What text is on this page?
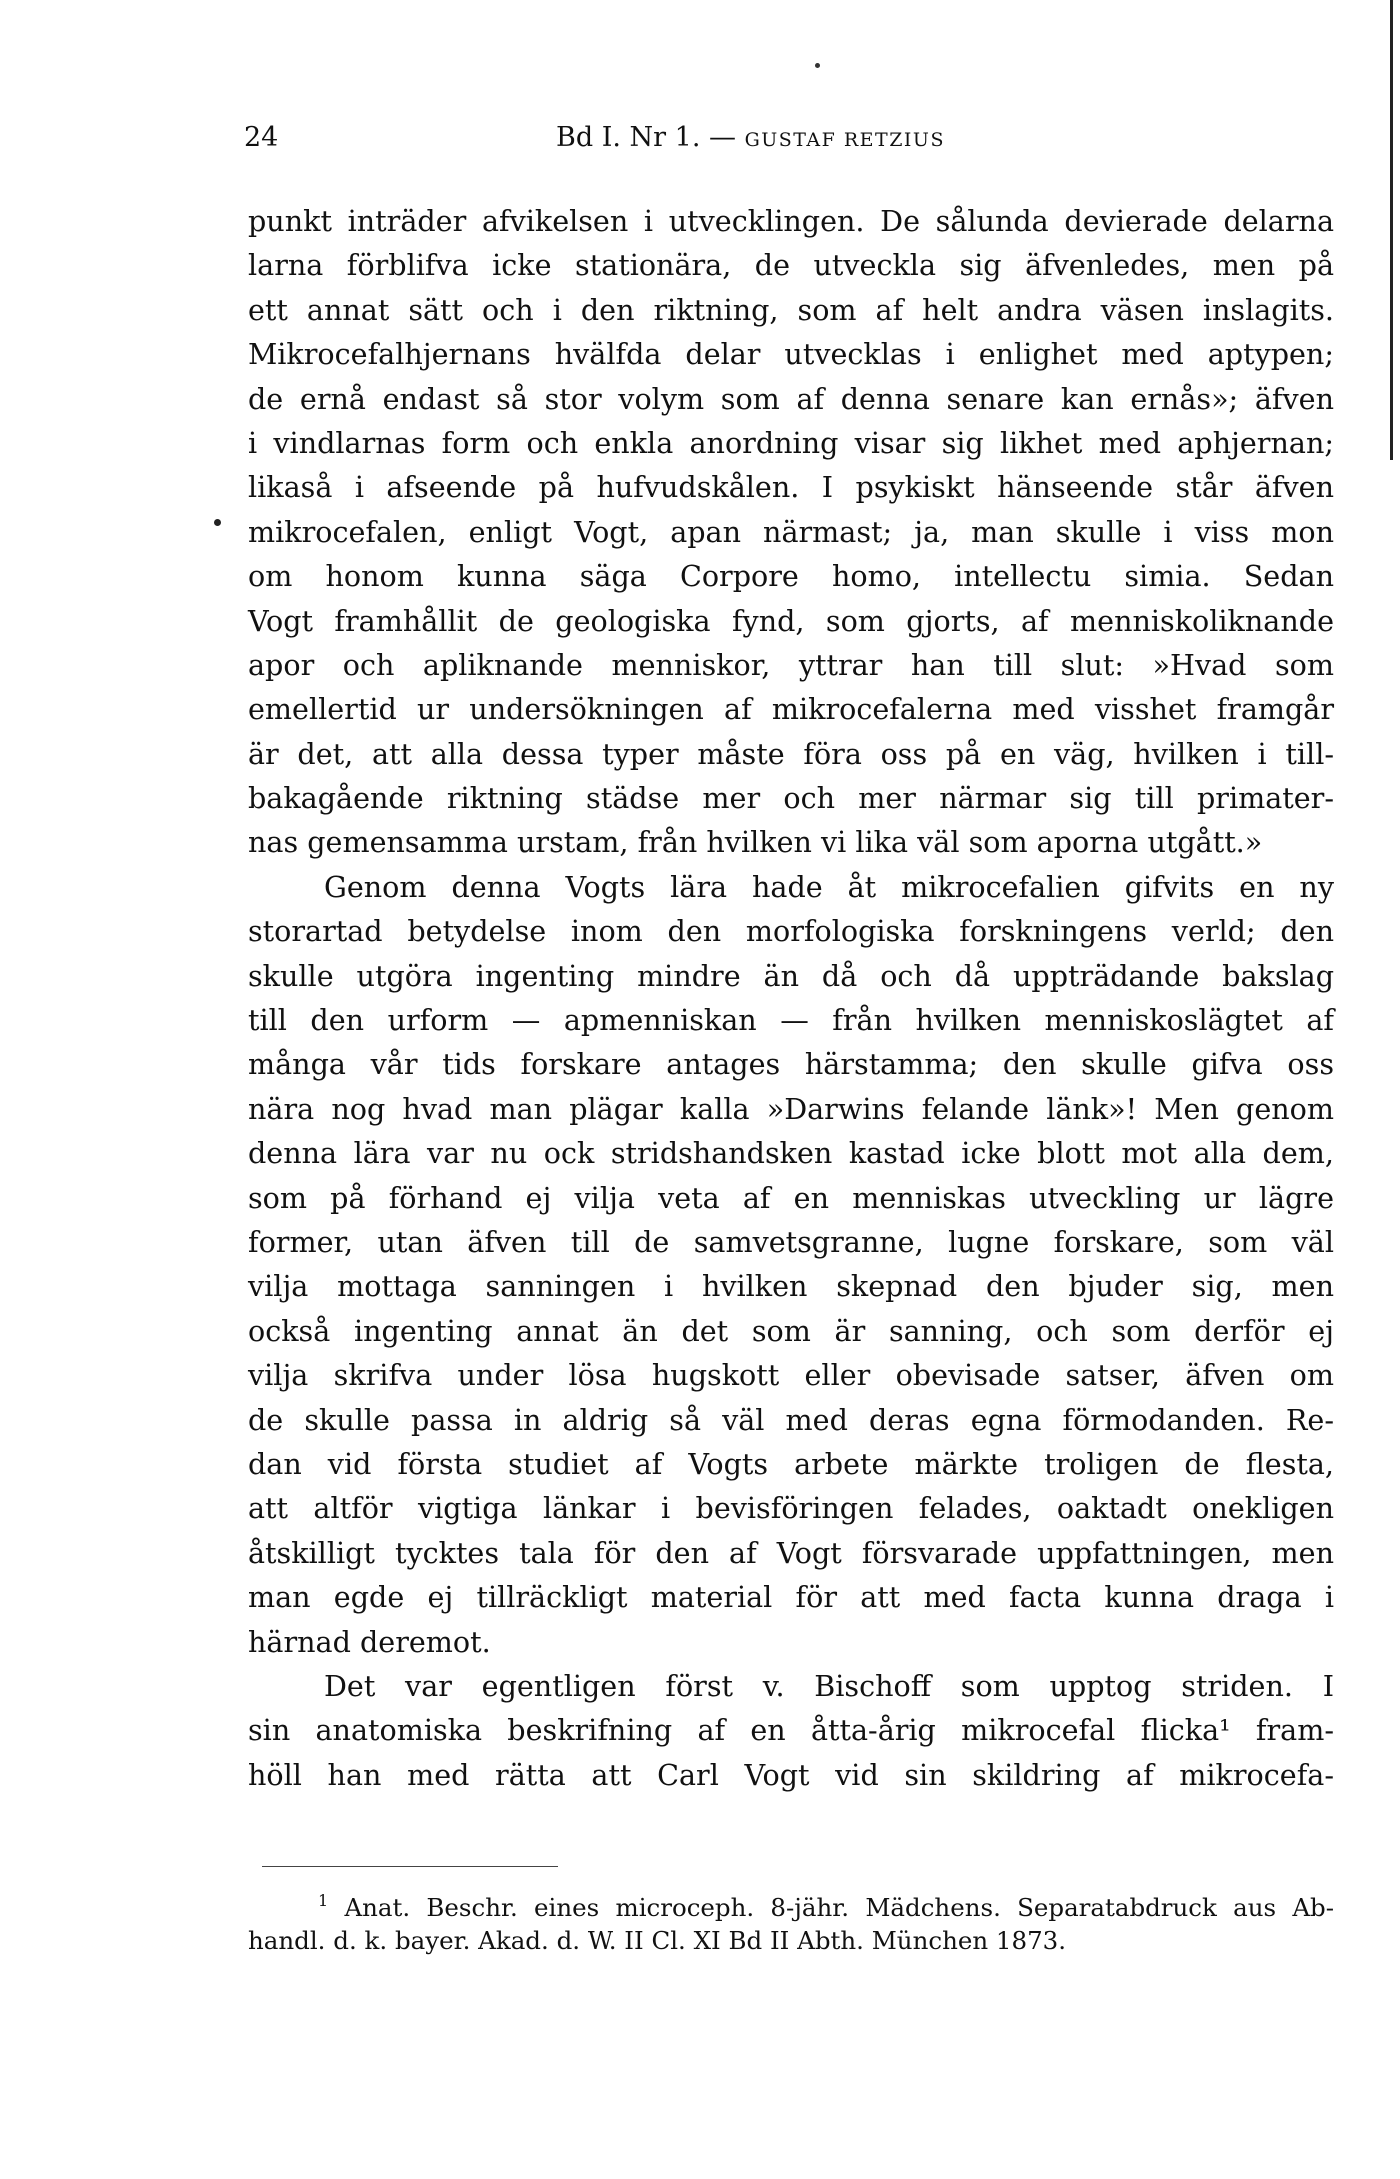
24	Bd I. Nr 1. — GUSTAF RETZIUS
punkt inträder afvikelsen i utvecklingen. De sålunda devierade delarna
larna förblifva icke stationära, de utveckla sig äfvenledes, men på
ett annat sätt och i den riktning, som af helt andra väsen inslagits.
Mikrocefalhjernans hvälfda delar utvecklas i enlighet med aptypen;
de ernå endast så stor volym som af denna senare kan ernås»; äfven
i vindlarnas form och enkla anordning visar sig likhet med aphjernan;
likaså i afseende på hufvudskålen. I psykiskt hänseende står äfven
mikrocefalen, enligt Vogt, apan närmast; ja, man skulle i viss mon
om honom kunna säga Corpore homo, intellectu simia. Sedan
Vogt framhållit de geologiska fynd, som gjorts, af menniskoliknande
apor och apliknande menniskor, yttrar han till slut: »Hvad som
emellertid ur undersökningen af mikrocefalerna med visshet framgår
är det, att alla dessa typer måste föra oss på en väg, hvilken i till-
bakagående riktning städse mer och mer närmar sig till primater-
nas gemensamma urstam, från hvilken vi lika väl som aporna utgått.»
Genom denna Vogts lära hade åt mikrocefalien gifvits en ny
storartad betydelse inom den morfologiska forskningens verld; den
skulle utgöra ingenting mindre än då och då uppträdande bakslag
till den urform — apmenniskan — från hvilken menniskoslägtet af
många vår tids forskare antages härstamma; den skulle gifva oss
nära nog hvad man plägar kalla »Darwins felande länk»! Men genom
denna lära var nu ock stridshandsken kastad icke blott mot alla dem,
som på förhand ej vilja veta af en menniskas utveckling ur lägre
former, utan äfven till de samvetsgranne, lugne forskare, som väl
vilja mottaga sanningen i hvilken skepnad den bjuder sig, men
också ingenting annat än det som är sanning, och som derför ej
vilja skrifva under lösa hugskott eller obevisade satser, äfven om
de skulle passa in aldrig så väl med deras egna förmodanden. Re-
dan vid första studiet af Vogts arbete märkte troligen de flesta,
att altför vigtiga länkar i bevisföringen felades, oaktadt onekligen
åtskilligt tycktes tala för den af Vogt försvarade uppfattningen, men
man egde ej tillräckligt material för att med facta kunna draga i
härnad deremot.
Det var egentligen först v. Bischoff som upptog striden. I
sin anatomiska beskrifning af en åtta-årig mikrocefal flicka¹ fram-
höll han med rätta att Carl Vogt vid sin skildring af mikrocefa-
$^1$ Anat. Beschr. eines microceph. 8-jähr. Mädchens. Separatabdruck aus Ab-
handl. d. k. bayer. Akad. d. W. II Cl. XI Bd II Abth. München 1873.
